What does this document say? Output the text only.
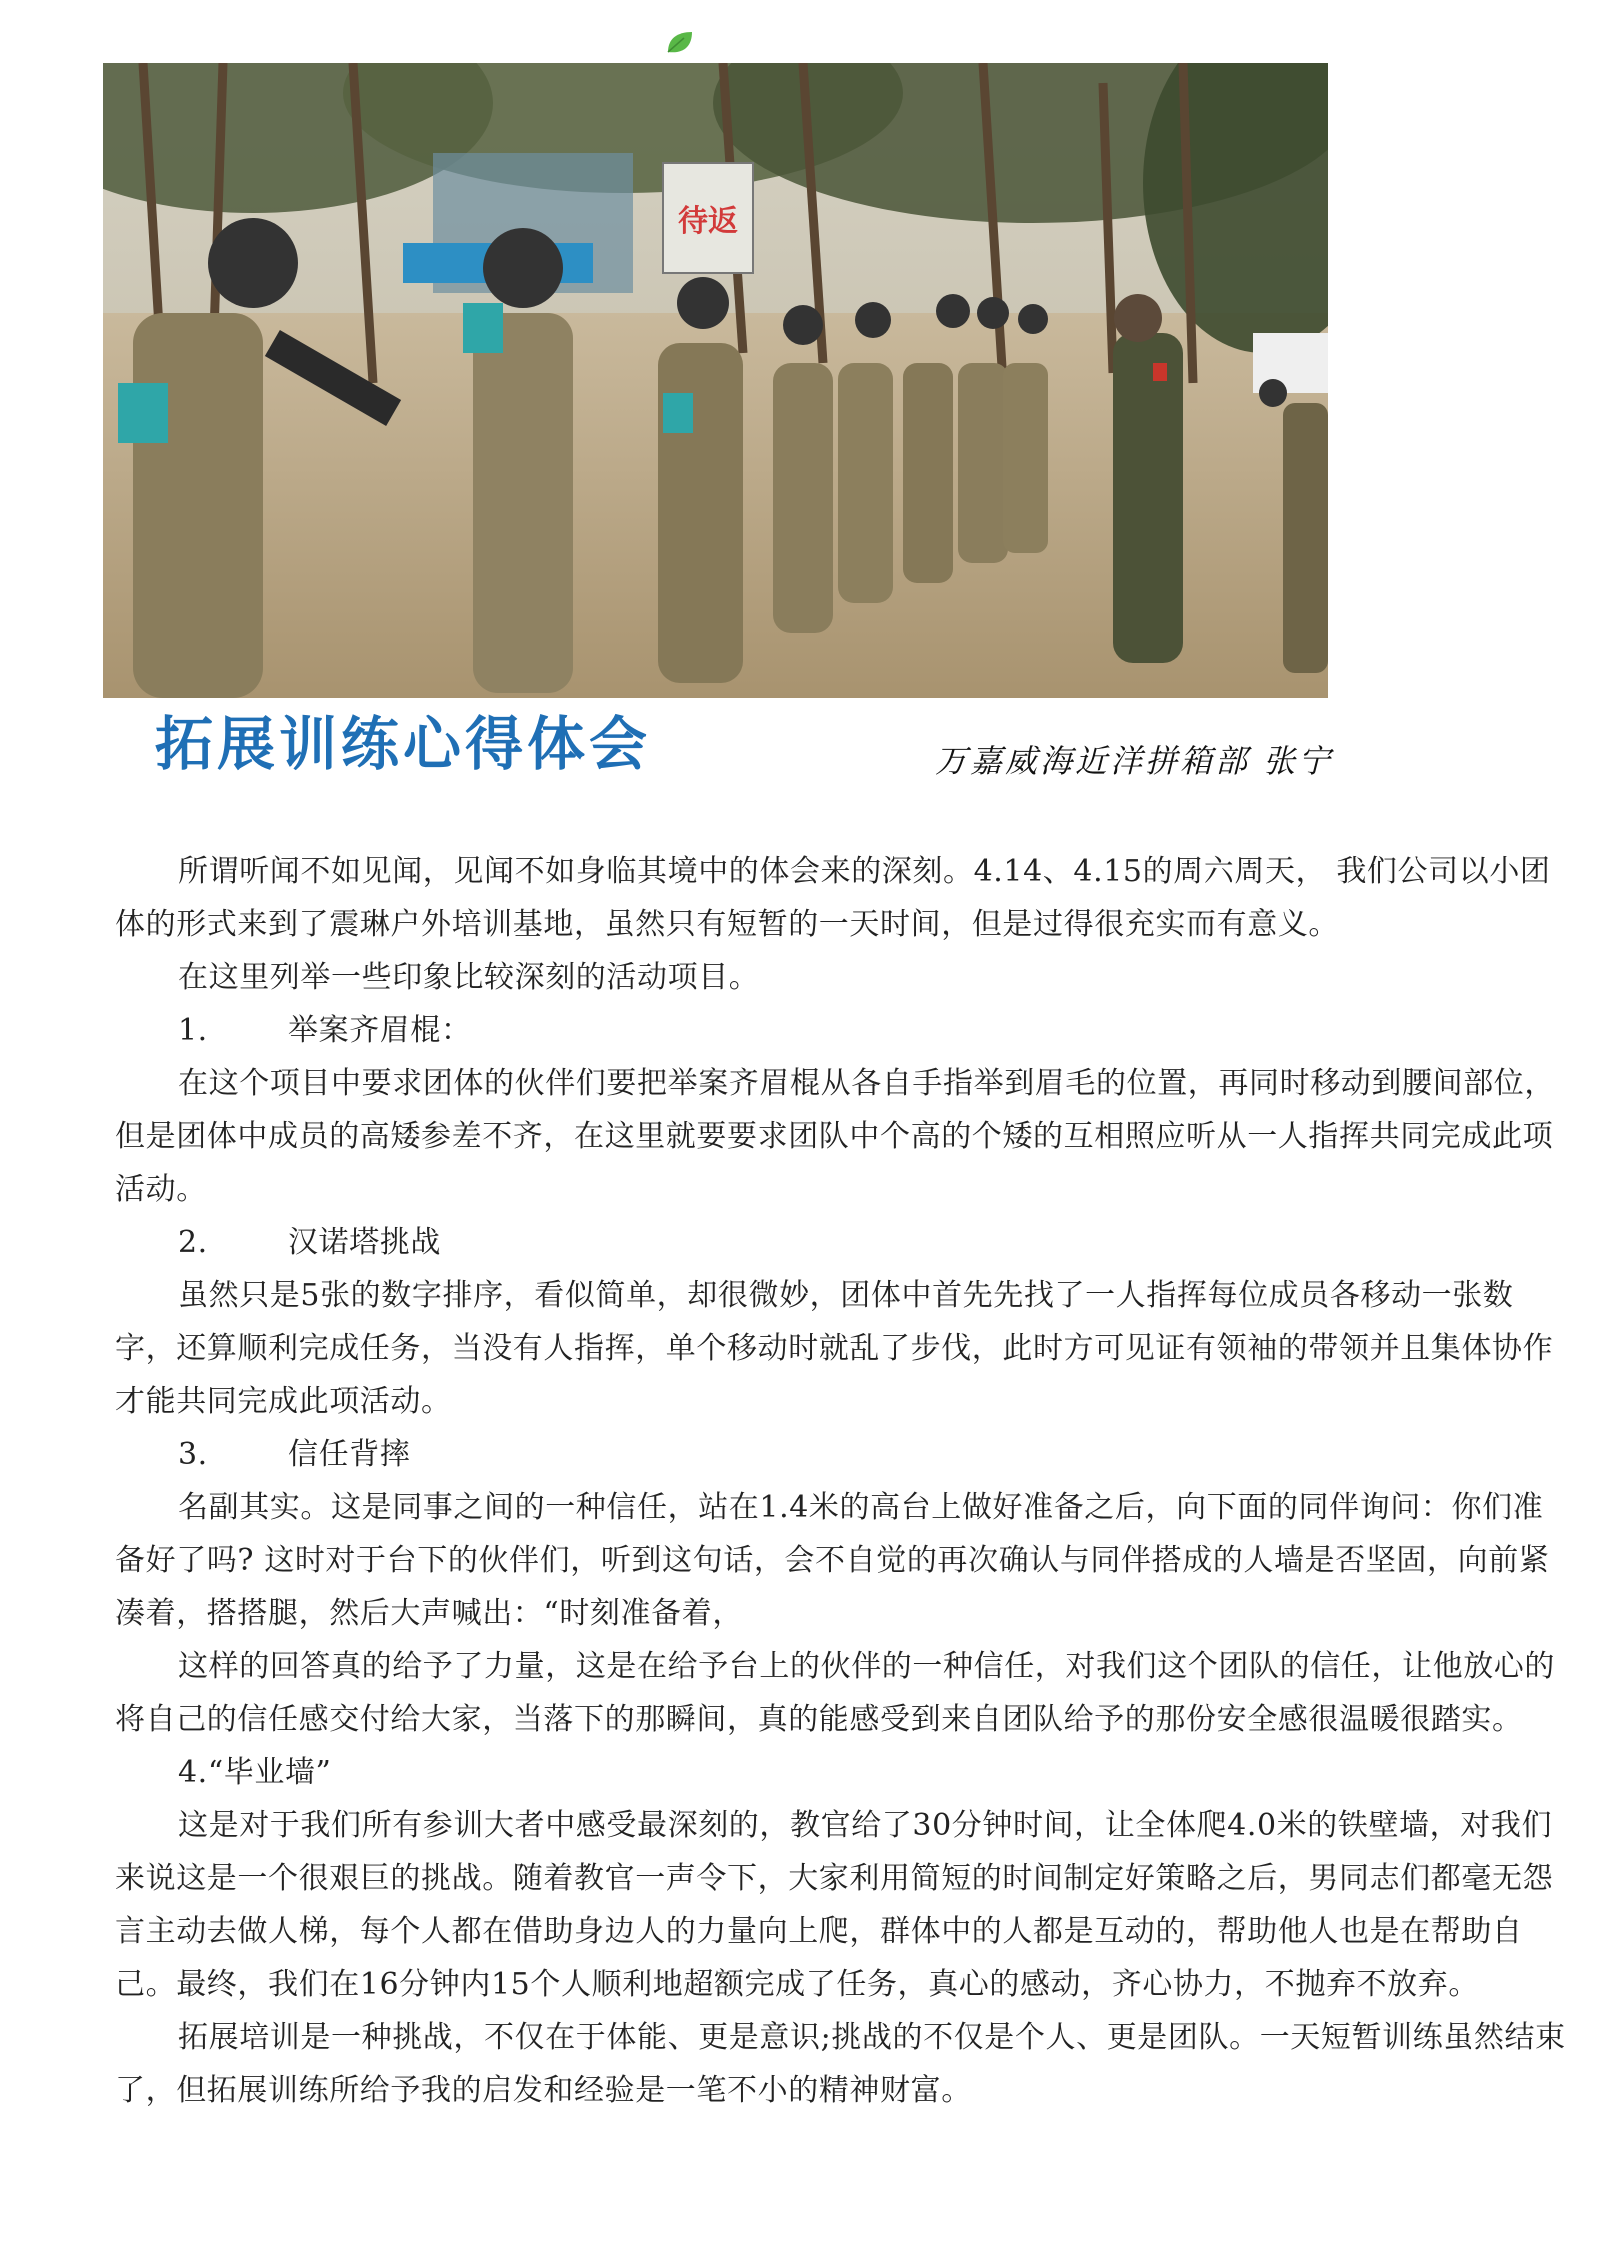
待返
拓展训练心得体会	万嘉威海近洋拼箱部 张宁

所谓听闻不如见闻，见闻不如身临其境中的体会来的深刻。4.14、4.15的周六周天， 我们公司以小团体的形式来到了震琳户外培训基地，虽然只有短暂的一天时间，但是过得很充实而有意义。

在这里列举一些印象比较深刻的活动项目。

1.	举案齐眉棍：

在这个项目中要求团体的伙伴们要把举案齐眉棍从各自手指举到眉毛的位置，再同时移动到腰间部位，但是团体中成员的高矮参差不齐，在这里就要要求团队中个高的个矮的互相照应听从一人指挥共同完成此项活动。

2.	汉诺塔挑战

虽然只是5张的数字排序，看似简单，却很微妙，团体中首先先找了一人指挥每位成员各移动一张数字，还算顺利完成任务，当没有人指挥，单个移动时就乱了步伐，此时方可见证有领袖的带领并且集体协作才能共同完成此项活动。

3.	信任背摔

名副其实。这是同事之间的一种信任，站在1.4米的高台上做好准备之后，向下面的同伴询问：你们准备好了吗? 这时对于台下的伙伴们，听到这句话，会不自觉的再次确认与同伴搭成的人墙是否坚固，向前紧凑着，搭搭腿，然后大声喊出：“时刻准备着，

这样的回答真的给予了力量，这是在给予台上的伙伴的一种信任，对我们这个团队的信任，让他放心的将自己的信任感交付给大家，当落下的那瞬间，真的能感受到来自团队给予的那份安全感很温暖很踏实。

4.“毕业墙”

这是对于我们所有参训大者中感受最深刻的，教官给了30分钟时间，让全体爬4.0米的铁壁墙，对我们来说这是一个很艰巨的挑战。随着教官一声令下，大家利用简短的时间制定好策略之后，男同志们都毫无怨言主动去做人梯，每个人都在借助身边人的力量向上爬，群体中的人都是互动的，帮助他人也是在帮助自己。最终，我们在16分钟内15个人顺利地超额完成了任务，真心的感动，齐心协力，不抛弃不放弃。

拓展培训是一种挑战，不仅在于体能、更是意识;挑战的不仅是个人、更是团队。一天短暂训练虽然结束了，但拓展训练所给予我的启发和经验是一笔不小的精神财富。
